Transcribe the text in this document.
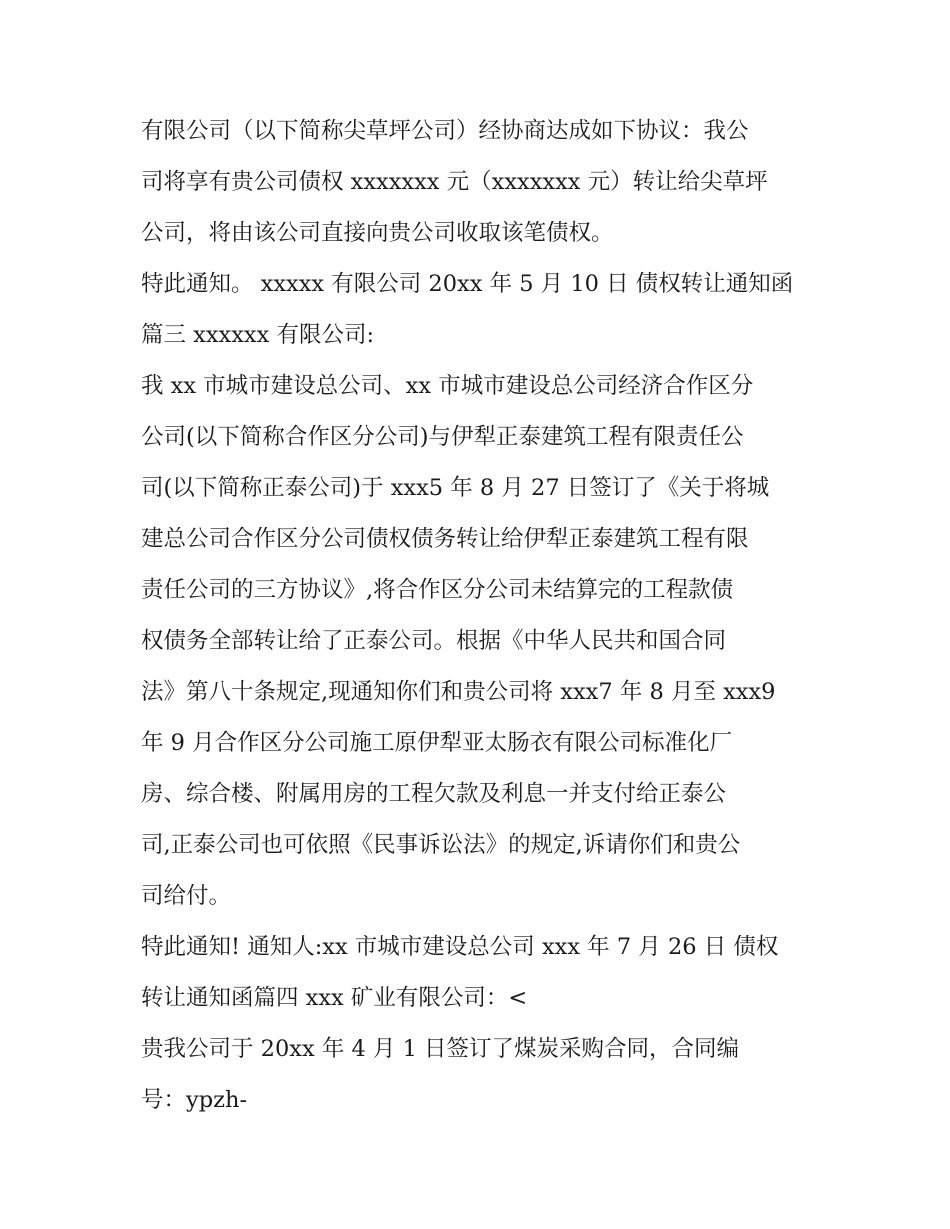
有限公司（以下简称尖草坪公司）经协商达成如下协议：我公
司将享有贵公司债权 xxxxxxx 元（xxxxxxx 元）转让给尖草坪
公司，将由该公司直接向贵公司收取该笔债权。
特此通知。 xxxxx 有限公司 20xx 年 5 月 10 日 债权转让通知函
篇三 xxxxxx 有限公司:
我 xx 市城市建设总公司、xx 市城市建设总公司经济合作区分
公司(以下简称合作区分公司)与伊犁正泰建筑工程有限责任公
司(以下简称正泰公司)于 xxx5 年 8 月 27 日签订了《关于将城
建总公司合作区分公司债权债务转让给伊犁正泰建筑工程有限
责任公司的三方协议》,将合作区分公司未结算完的工程款债
权债务全部转让给了正泰公司。根据《中华人民共和国合同
法》第八十条规定,现通知你们和贵公司将 xxx7 年 8 月至 xxx9
年 9 月合作区分公司施工原伊犁亚太肠衣有限公司标准化厂
房、综合楼、附属用房的工程欠款及利息一并支付给正泰公
司,正泰公司也可依照《民事诉讼法》的规定,诉请你们和贵公
司给付。
特此通知! 通知人:xx 市城市建设总公司 xxx 年 7 月 26 日 债权
转让通知函篇四 xxx 矿业有限公司：<
贵我公司于 20xx 年 4 月 1 日签订了煤炭采购合同，合同编
号：ypzh-
